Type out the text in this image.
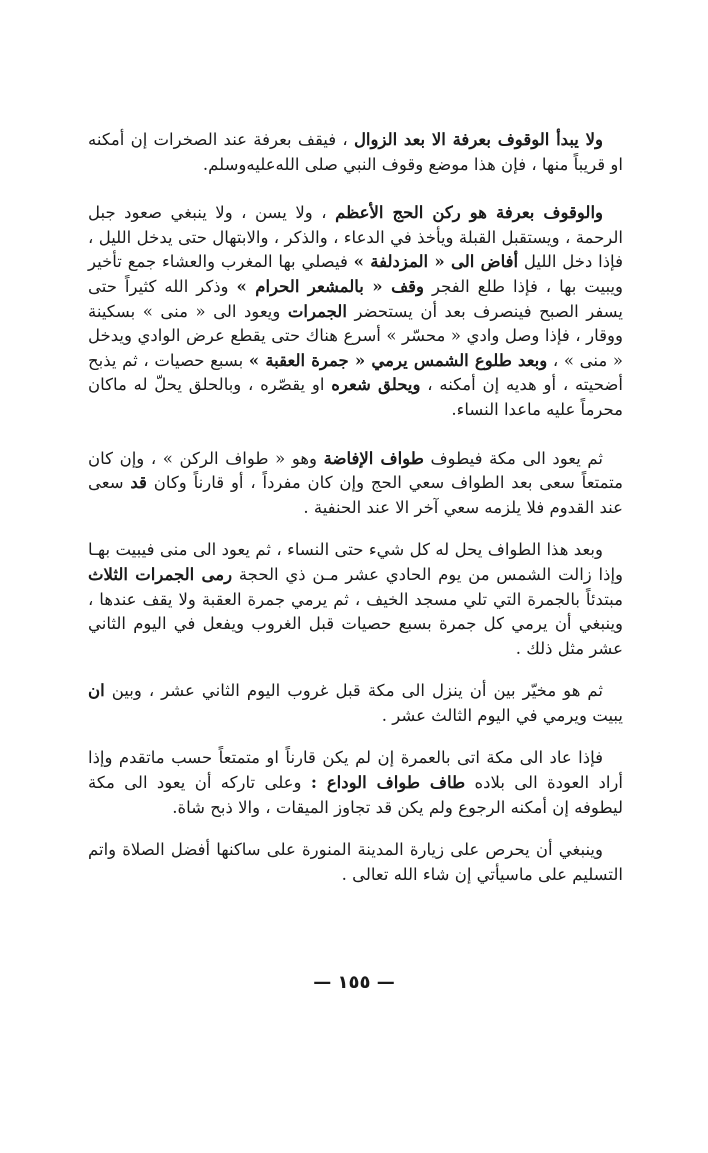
ولا يبدأ الوقوف بعرفة الا بعد الزوال ، فيقف بعرفة عند الصخرات إن أمكنه او قريباً منها ، فإن هذا موضع وقوف النبي صلى الله‌عليه‌وسلم.

والوقوف بعرفة هو ركن الحج الأعظم ، ولا يسن ، ولا ينبغي صعود جبل الرحمة ، ويستقبل القبلة ويأخذ في الدعاء ، والذكر ، والابتهال حتى يدخل الليل ، فإذا دخل الليل أفاض الى « المزدلفة » فيصلي بها المغرب والعشاء جمع تأخير ويبيت بها ، فإذا طلع الفجر وقف « بالمشعر الحرام » وذكر الله كثيراً حتى يسفر الصبح فينصرف بعد أن يستحضر الجمرات ويعود الى « منى » بسكينة ووقار ، فإذا وصل وادي « محسّر » أسرع هناك حتى يقطع عرض الوادي ويدخل « منى » ، وبعد طلوع الشمس يرمي « جمرة العقبة » بسبع حصيات ، ثم يذبح أضحيته ، أو هديه إن أمكنه ، ويحلق شعره او يقصّره ، وبالحلق يحلّ له ماكان محرماً عليه ماعدا النساء.

ثم يعود الى مكة فيطوف طواف الإفاضة وهو « طواف الركن » ، وإن كان متمتعاً سعى بعد الطواف سعي الحج وإن كان مفرداً ، أو قارناً وكان قد سعى عند القدوم فلا يلزمه سعي آخر الا عند الحنفية .

وبعد هذا الطواف يحل له كل شيء حتى النساء ، ثم يعود الى منى فيبيت بهـا وإذا زالت الشمس من يوم الحادي عشر مـن ذي الحجة رمى الجمرات الثلاث مبتدئاً بالجمرة التي تلي مسجد الخيف ، ثم يرمي جمرة العقبة ولا يقف عندها ، وينبغي أن يرمي كل جمرة بسبع حصيات قبل الغروب ويفعل في اليوم الثاني عشر مثل ذلك .

ثم هو مخيّر بين أن ينزل الى مكة قبل غروب اليوم الثاني عشر ، وبين ان يبيت ويرمي في اليوم الثالث عشر .

فإذا عاد الى مكة اتى بالعمرة إن لم يكن قارناً او متمتعاً حسب ماتقدم وإذا أراد العودة الى بلاده طاف طواف الوداع : وعلى تاركه أن يعود الى مكة ليطوفه إن أمكنه الرجوع ولم يكن قد تجاوز الميقات ، والا ذبح شاة.

وينبغي أن يحرص على زيارة المدينة المنورة على ساكنها أفضل الصلاة واتم التسليم على ماسيأتي إن شاء الله تعالى .

— ١٥٥ —
